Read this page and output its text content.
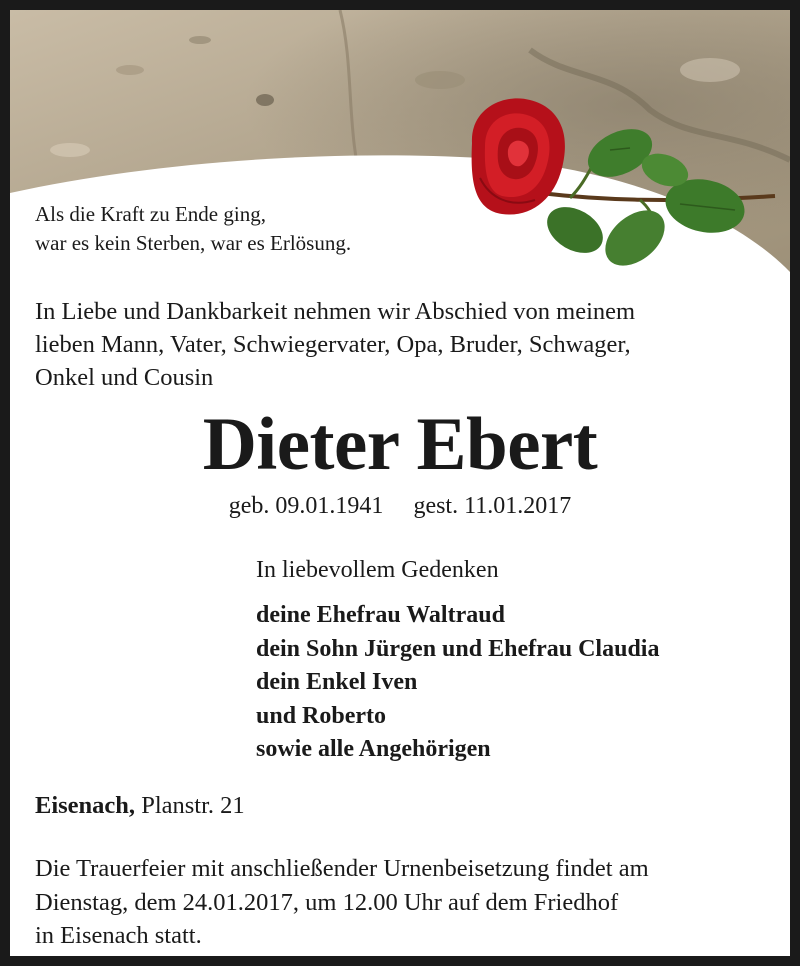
Als die Kraft zu Ende ging,
war es kein Sterben, war es Erlösung.
In Liebe und Dankbarkeit nehmen wir Abschied von meinem
lieben Mann, Vater, Schwiegervater, Opa, Bruder, Schwager,
Onkel und Cousin
Dieter Ebert
geb. 09.01.1941 gest. 11.01.2017
In liebevollem Gedenken
deine Ehefrau Waltraud
dein Sohn Jürgen und Ehefrau Claudia
dein Enkel Iven
und Roberto
sowie alle Angehörigen
Eisenach, Planstr. 21
Die Trauerfeier mit anschließender Urnenbeisetzung findet am
Dienstag, dem 24.01.2017, um 12.00 Uhr auf dem Friedhof
in Eisenach statt.
